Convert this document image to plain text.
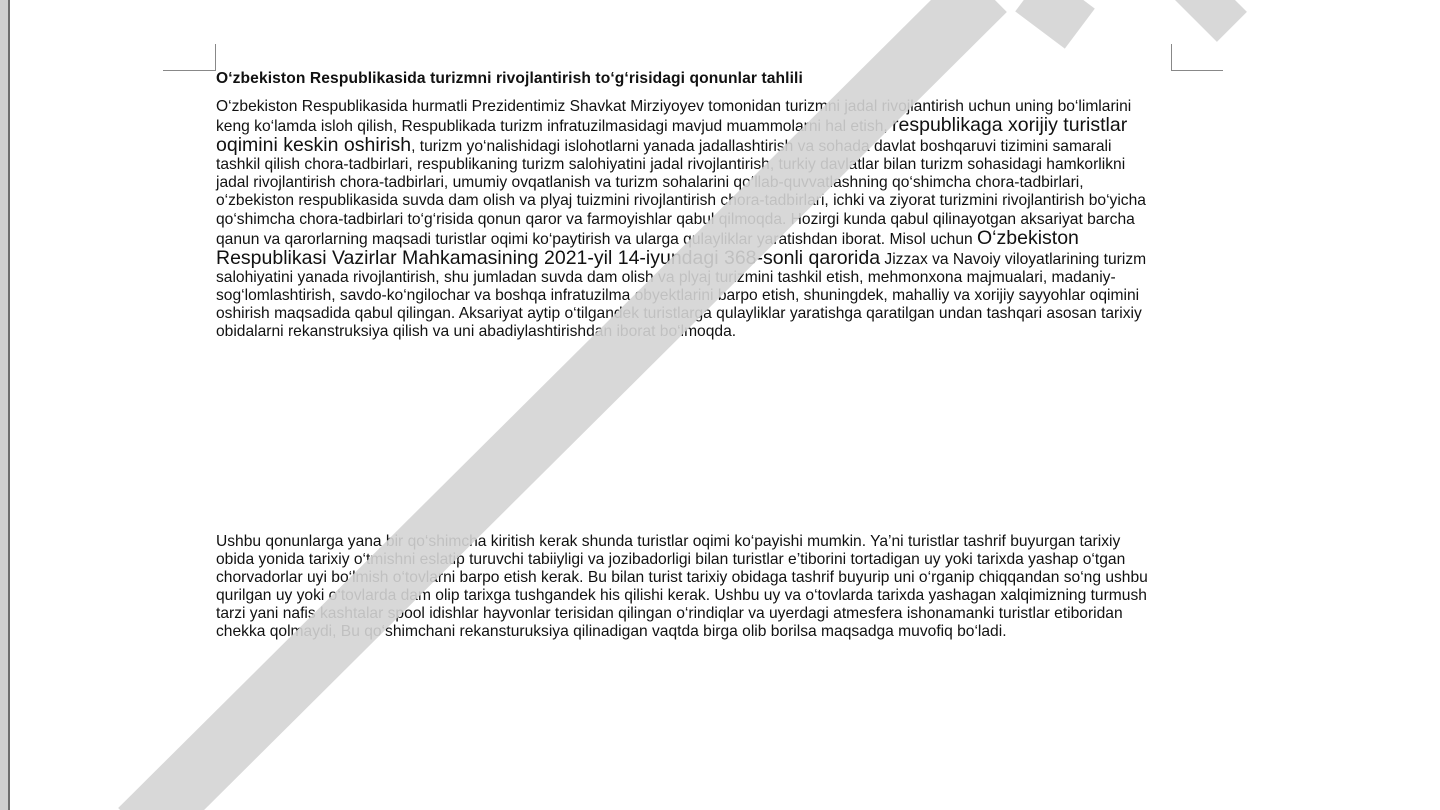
O‘zbekiston Respublikasida turizmni rivojlantirish to‘g‘risidagi qonunlar tahlili

O‘zbekiston Respublikasida hurmatli Prezidentimiz Shavkat Mirziyoyev tomonidan turizmni jadal rivojlantirish uchun uning bo‘limlarini keng ko‘lamda isloh qilish, Respublikada turizm infratuzilmasidagi mavjud muammolarni hal etish, respublikaga xorijiy turistlar oqimini keskin oshirish, turizm yo‘nalishidagi islohotlarni yanada jadallashtirish va sohada davlat boshqaruvi tizimini samarali tashkil qilish chora-tadbirlari, respublikaning turizm salohiyatini jadal rivojlantirish, turkiy davlatlar bilan turizm sohasidagi hamkorlikni jadal rivojlantirish chora-tadbirlari, umumiy ovqatlanish va turizm sohalarini qo‘llab-quvvatlashning qo‘shimcha chora-tadbirlari, o‘zbekiston respublikasida suvda dam olish va plyaj tuizmini rivojlantirish chora-tadbirlari, ichki va ziyorat turizmini rivojlantirish bo‘yicha qo‘shimcha chora-tadbirlari to‘g‘risida qonun qaror va farmoyishlar qabul qilmoqda. Hozirgi kunda qabul qilinayotgan aksariyat barcha qanun va qarorlarning maqsadi turistlar oqimi ko‘paytirish va ularga qulayliklar yaratishdan iborat. Misol uchun O‘zbekiston Respublikasi Vazirlar Mahkamasining 2021-yil 14-iyundagi 368-sonli qarorida Jizzax va Navoiy viloyatlarining turizm salohiyatini yanada rivojlantirish, shu jumladan suvda dam olish va plyaj turizmini tashkil etish, mehmonxona majmualari, madaniy-sog‘lomlashtirish, savdo-ko‘ngilochar va boshqa infratuzilma obyektlarini barpo etish, shuningdek, mahalliy va xorijiy sayyohlar oqimini oshirish maqsadida qabul qilingan. Aksariyat aytip o‘tilgandek turistlarga qulayliklar yaratishga qaratilgan undan tashqari asosan tarixiy obidalarni rekanstruksiya qilish va uni abadiylashtirishdan iborat bo‘lmoqda.

Ushbu qonunlarga yana bir qo‘shimcha kiritish kerak shunda turistlar oqimi ko‘payishi mumkin. Ya’ni turistlar tashrif buyurgan tarixiy obida yonida tarixiy o‘tmishni eslatip turuvchi tabiiyligi va jozibadorligi bilan turistlar e’tiborini tortadigan uy yoki tarixda yashap o‘tgan chorvadorlar uyi bo‘lmish o‘tovlarni barpo etish kerak. Bu bilan turist tarixiy obidaga tashrif buyurip uni o‘rganip chiqqandan so‘ng ushbu qurilgan uy yoki o‘tovlarda dam olip tarixga tushgandek his qilishi kerak. Ushbu uy va o‘tovlarda tarixda yashagan xalqimizning turmush tarzi yani nafis kashtalar spool idishlar hayvonlar terisidan qilingan o‘rindiqlar va uyerdagi atmesfera ishonamanki turistlar etiboridan chekka qolmaydi, Bu qo‘shimchani rekansturuksiya qilinadigan vaqtda birga olib borilsa maqsadga muvofiq bo‘ladi.
